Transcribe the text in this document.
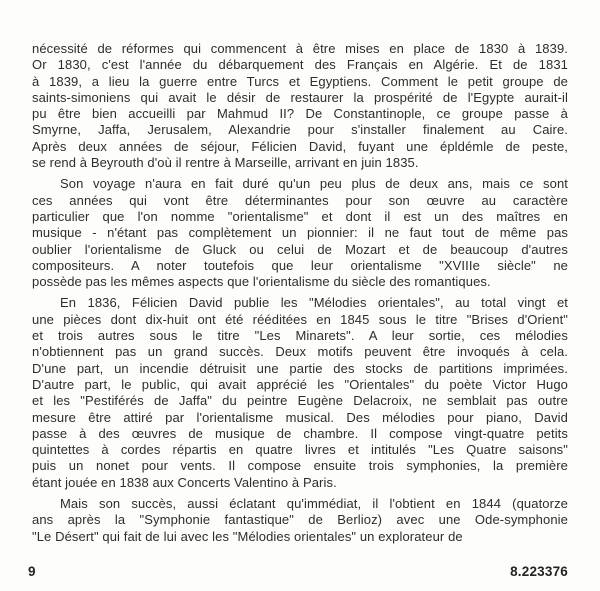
nécessité de réformes qui commencent à être mises en place de 1830 à 1839.
Or 1830, c'est l'année du débarquement des Français en Algérie. Et de 1831
à 1839, a lieu la guerre entre Turcs et Egyptiens. Comment le petit groupe de
saints-simoniens qui avait le désir de restaurer la prospérité de l'Egypte aurait-il
pu être bien accueilli par Mahmud II? De Constantinople, ce groupe passe à
Smyrne, Jaffa, Jerusalem, Alexandrie pour s'installer finalement au Caire.
Après deux années de séjour, Félicien David, fuyant une épldémle de peste,
se rend à Beyrouth d'où il rentre à Marseille, arrivant en juin 1835.
Son voyage n'aura en fait duré qu'un peu plus de deux ans, mais ce sont
ces années qui vont être déterminantes pour son œuvre au caractère
particulier que l'on nomme "orientalisme" et dont il est un des maîtres en
musique - n'étant pas complètement un pionnier: il ne faut tout de même pas
oublier l'orientalisme de Gluck ou celui de Mozart et de beaucoup d'autres
compositeurs. A noter toutefois que leur orientalisme "XVIIIe siècle" ne
possède pas les mêmes aspects que l'orientalisme du siècle des romantiques.
En 1836, Félicien David publie les "Mélodies orientales", au total vingt et
une pièces dont dix-huit ont été rééditées en 1845 sous le titre "Brises d'Orient"
et trois autres sous le titre "Les Minarets". A leur sortie, ces mélodies
n'obtiennent pas un grand succès. Deux motifs peuvent être invoqués à cela.
D'une part, un incendie détruisit une partie des stocks de partitions imprimées.
D'autre part, le public, qui avait apprécié les "Orientales" du poète Victor Hugo
et les "Pestiférés de Jaffa" du peintre Eugène Delacroix, ne semblait pas outre
mesure être attiré par l'orientalisme musical. Des mélodies pour piano, David
passe à des œuvres de musique de chambre. Il compose vingt-quatre petits
quintettes à cordes répartis en quatre livres et intitulés "Les Quatre saisons"
puis un nonet pour vents. Il compose ensuite trois symphonies, la première
étant jouée en 1838 aux Concerts Valentino à Paris.
Mais son succès, aussi éclatant qu'immédiat, il l'obtient en 1844 (quatorze
ans après la "Symphonie fantastique" de Berlioz) avec une Ode-symphonie
"Le Désert" qui fait de lui avec les "Mélodies orientales" un explorateur de
9	8.223376
